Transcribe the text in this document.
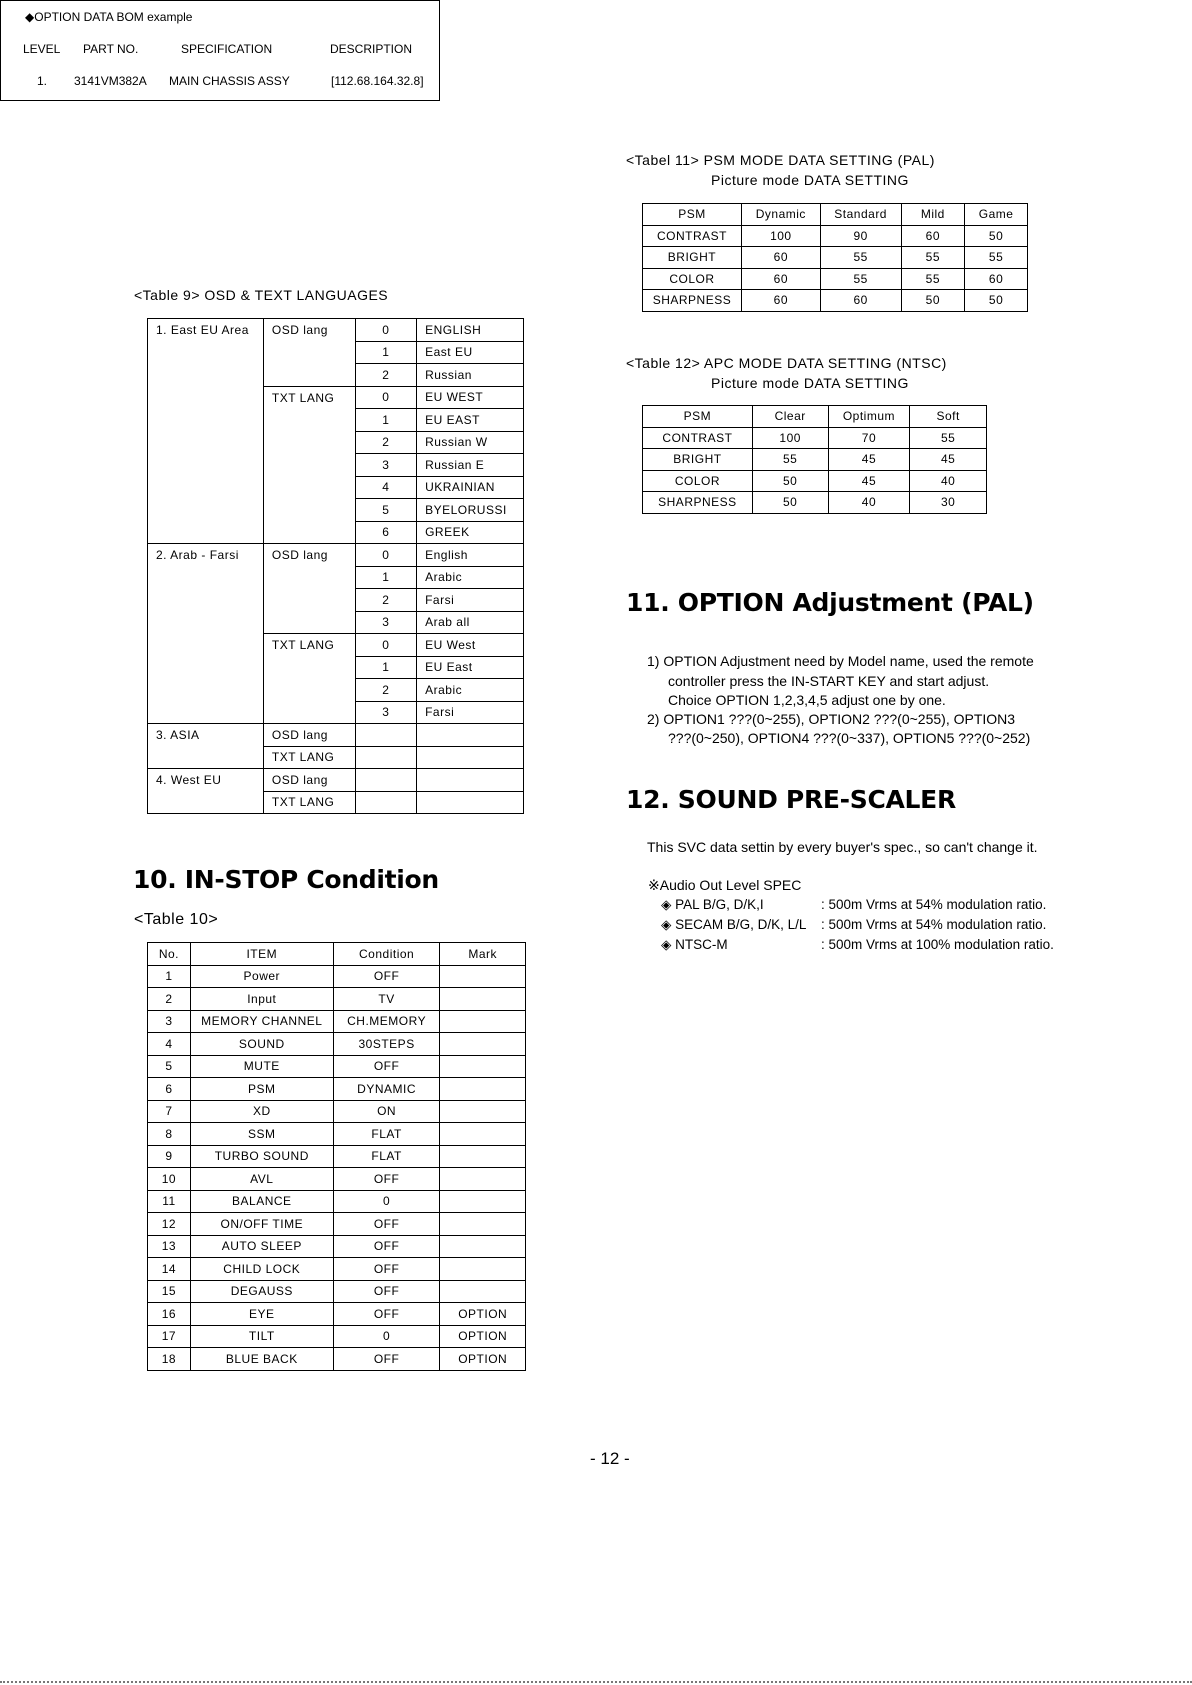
◆OPTION DATA BOM example
LEVEL PART NO.	SPECIFICATION	DESCRIPTION
1. 3141VM382A MAIN CHASSIS ASSY	[112.68.164.32.8]
<Table 9> OSD & TEXT LANGUAGES
1. East EU Area	OSD lang	0	ENGLISH
		1	East EU
		2	Russian
	TXT LANG	0	EU WEST
		1	EU EAST
		2	Russian W
		3	Russian E
		4	UKRAINIAN
		5	BYELORUSSI
		6	GREEK
2. Arab - Farsi	OSD lang	0	English
		1	Arabic
		2	Farsi
		3	Arab all
	TXT LANG	0	EU West
		1	EU East
		2	Arabic
		3	Farsi
3. ASIA	OSD lang		
	TXT LANG		
4. West EU	OSD lang		
	TXT LANG		
10. IN-STOP Condition
<Table 10>
No.	ITEM	Condition	Mark
1	Power	OFF	
2	Input	TV	
3	MEMORY CHANNEL	CH.MEMORY	
4	SOUND	30STEPS	
5	MUTE	OFF	
6	PSM	DYNAMIC	
7	XD	ON	
8	SSM	FLAT	
9	TURBO SOUND	FLAT	
10	AVL	OFF	
11	BALANCE	0	
12	ON/OFF TIME	OFF	
13	AUTO SLEEP	OFF	
14	CHILD LOCK	OFF	
15	DEGAUSS	OFF	
16	EYE	OFF	OPTION
17	TILT	0	OPTION
18	BLUE BACK	OFF	OPTION
<Tabel 11> PSM MODE DATA SETTING (PAL)
Picture mode DATA SETTING
PSM	Dynamic	Standard	Mild	Game
CONTRAST	100	90	60	50
BRIGHT	60	55	55	55
COLOR	60	55	55	60
SHARPNESS	60	60	50	50
<Table 12> APC MODE DATA SETTING (NTSC)
Picture mode DATA SETTING
PSM	Clear	Optimum	Soft
CONTRAST	100	70	55
BRIGHT	55	45	45
COLOR	50	45	40
SHARPNESS	50	40	30
11. OPTION Adjustment (PAL)
1) OPTION Adjustment need by Model name, used the remote
controller press the IN-START KEY and start adjust.
Choice OPTION 1,2,3,4,5 adjust one by one.
2) OPTION1 ???(0~255), OPTION2 ???(0~255), OPTION3
???(0~250), OPTION4 ???(0~337), OPTION5 ???(0~252)
12. SOUND PRE-SCALER
This SVC data settin by every buyer's spec., so can't change it.
※Audio Out Level SPEC
◈ PAL B/G, D/K,I	: 500m Vrms at 54% modulation ratio.
◈ SECAM B/G, D/K, L/L : 500m Vrms at 54% modulation ratio.
◈ NTSC-M	: 500m Vrms at 100% modulation ratio.
- 12 -
